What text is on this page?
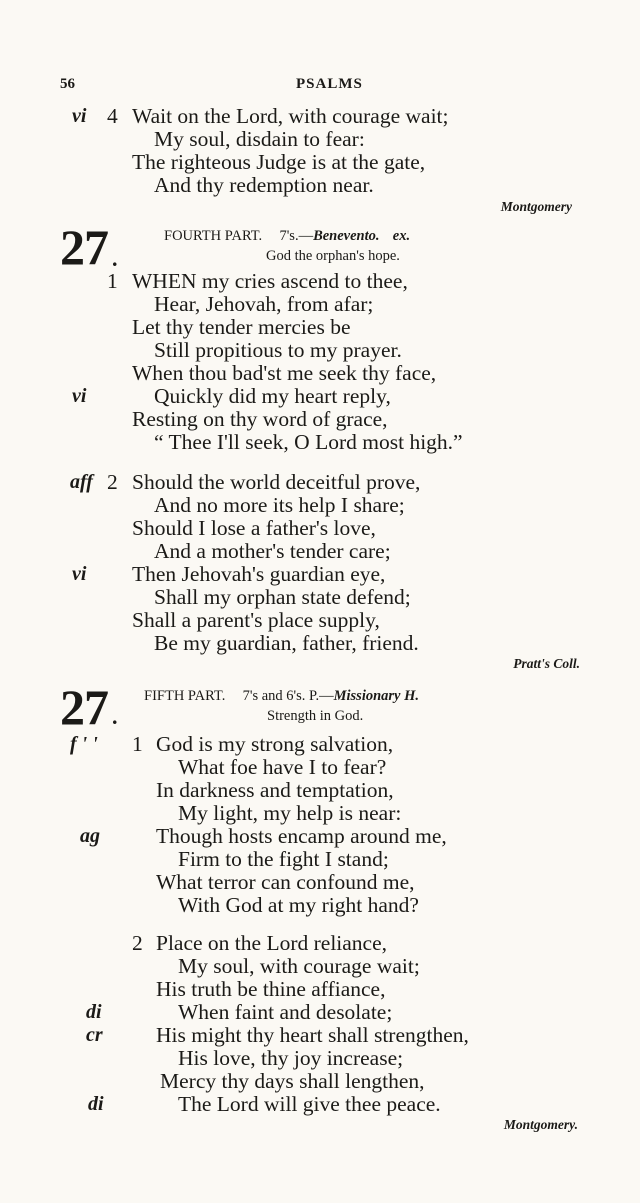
56	PSALMS
vi 4 Wait on the Lord, with courage wait;
My soul, disdain to fear:
The righteous Judge is at the gate,
And thy redemption near.
Montgomery
27 .
FOURTH PART. 7's.—Benevento. ex.
God the orphan's hope.
1 WHEN my cries ascend to thee,
Hear, Jehovah, from afar;
Let thy tender mercies be
Still propitious to my prayer.
When thou bad'st me seek thy face,
vi	Quickly did my heart reply,
Resting on thy word of grace,
“ Thee I'll seek, O Lord most high.”
aff 2 Should the world deceitful prove,
And no more its help I share;
Should I lose a father's love,
And a mother's tender care;
vi Then Jehovah's guardian eye,
Shall my orphan state defend;
Shall a parent's place supply,
Be my guardian, father, friend.
Pratt's Coll.
27 .
FIFTH PART. 7's and 6's. P.—Missionary H.
Strength in God.
f ' ' 1 God is my strong salvation,
What foe have I to fear?
In darkness and temptation,
My light, my help is near:
ag	Though hosts encamp around me,
Firm to the fight I stand;
What terror can confound me,
With God at my right hand?
2 Place on the Lord reliance,
My soul, with courage wait;
His truth be thine affiance,
di	When faint and desolate;
cr His might thy heart shall strengthen,
His love, thy joy increase;
Mercy thy days shall lengthen,
di	The Lord will give thee peace.
Montgomery.
